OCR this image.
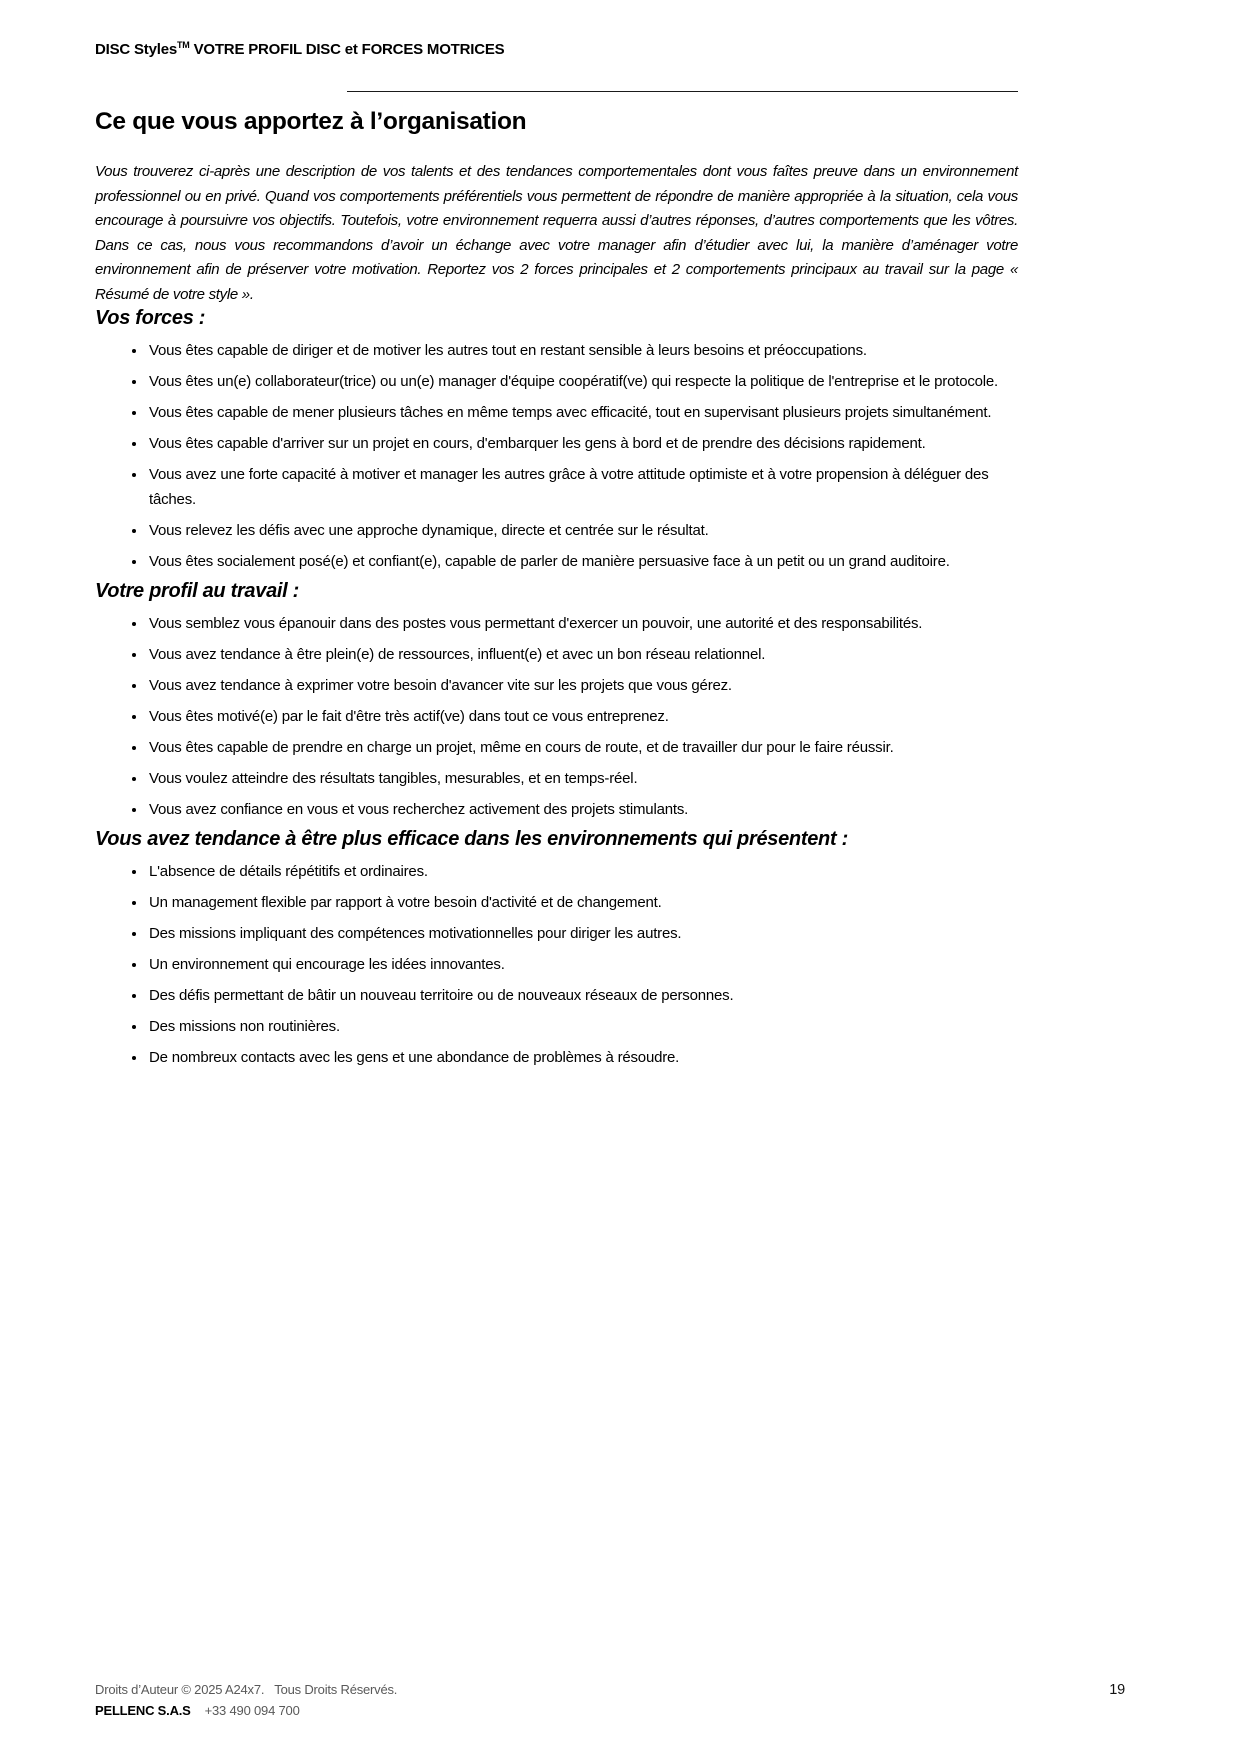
DISC Styles™ VOTRE PROFIL DISC et FORCES MOTRICES
Ce que vous apportez à l’organisation

Vous trouverez ci-après une description de vos talents et des tendances comportementales dont vous faîtes preuve dans un environnement professionnel ou en privé. Quand vos comportements préférentiels vous permettent de répondre de manière appropriée à la situation, cela vous encourage à poursuivre vos objectifs. Toutefois, votre environnement requerra aussi d’autres réponses, d’autres comportements que les vôtres. Dans ce cas, nous vous recommandons d’avoir un échange avec votre manager afin d’étudier avec lui, la manière d’aménager votre environnement afin de préserver votre motivation. Reportez vos 2 forces principales et 2 comportements principaux au travail sur la page « Résumé de votre style ».

Vos forces :
• Vous êtes capable de diriger et de motiver les autres tout en restant sensible à leurs besoins et préoccupations.
• Vous êtes un(e) collaborateur(trice) ou un(e) manager d'équipe coopératif(ve) qui respecte la politique de l'entreprise et le protocole.
• Vous êtes capable de mener plusieurs tâches en même temps avec efficacité, tout en supervisant plusieurs projets simultanément.
• Vous êtes capable d'arriver sur un projet en cours, d'embarquer les gens à bord et de prendre des décisions rapidement.
• Vous avez une forte capacité à motiver et manager les autres grâce à votre attitude optimiste et à votre propension à déléguer des tâches.
• Vous relevez les défis avec une approche dynamique, directe et centrée sur le résultat.
• Vous êtes socialement posé(e) et confiant(e), capable de parler de manière persuasive face à un petit ou un grand auditoire.
Votre profil au travail :
• Vous semblez vous épanouir dans des postes vous permettant d'exercer un pouvoir, une autorité et des responsabilités.
• Vous avez tendance à être plein(e) de ressources, influent(e) et avec un bon réseau relationnel.
• Vous avez tendance à exprimer votre besoin d'avancer vite sur les projets que vous gérez.
• Vous êtes motivé(e) par le fait d'être très actif(ve) dans tout ce vous entreprenez.
• Vous êtes capable de prendre en charge un projet, même en cours de route, et de travailler dur pour le faire réussir.
• Vous voulez atteindre des résultats tangibles, mesurables, et en temps-réel.
• Vous avez confiance en vous et vous recherchez activement des projets stimulants.
Vous avez tendance à être plus efficace dans les environnements qui présentent :
• L'absence de détails répétitifs et ordinaires.
• Un management flexible par rapport à votre besoin d'activité et de changement.
• Des missions impliquant des compétences motivationnelles pour diriger les autres.
• Un environnement qui encourage les idées innovantes.
• Des défis permettant de bâtir un nouveau territoire ou de nouveaux réseaux de personnes.
• Des missions non routinières.
• De nombreux contacts avec les gens et une abondance de problèmes à résoudre.
Droits d’Auteur © 2025 A24x7.   Tous Droits Réservés.
PELLENC S.A.S +33 490 094 700
19
